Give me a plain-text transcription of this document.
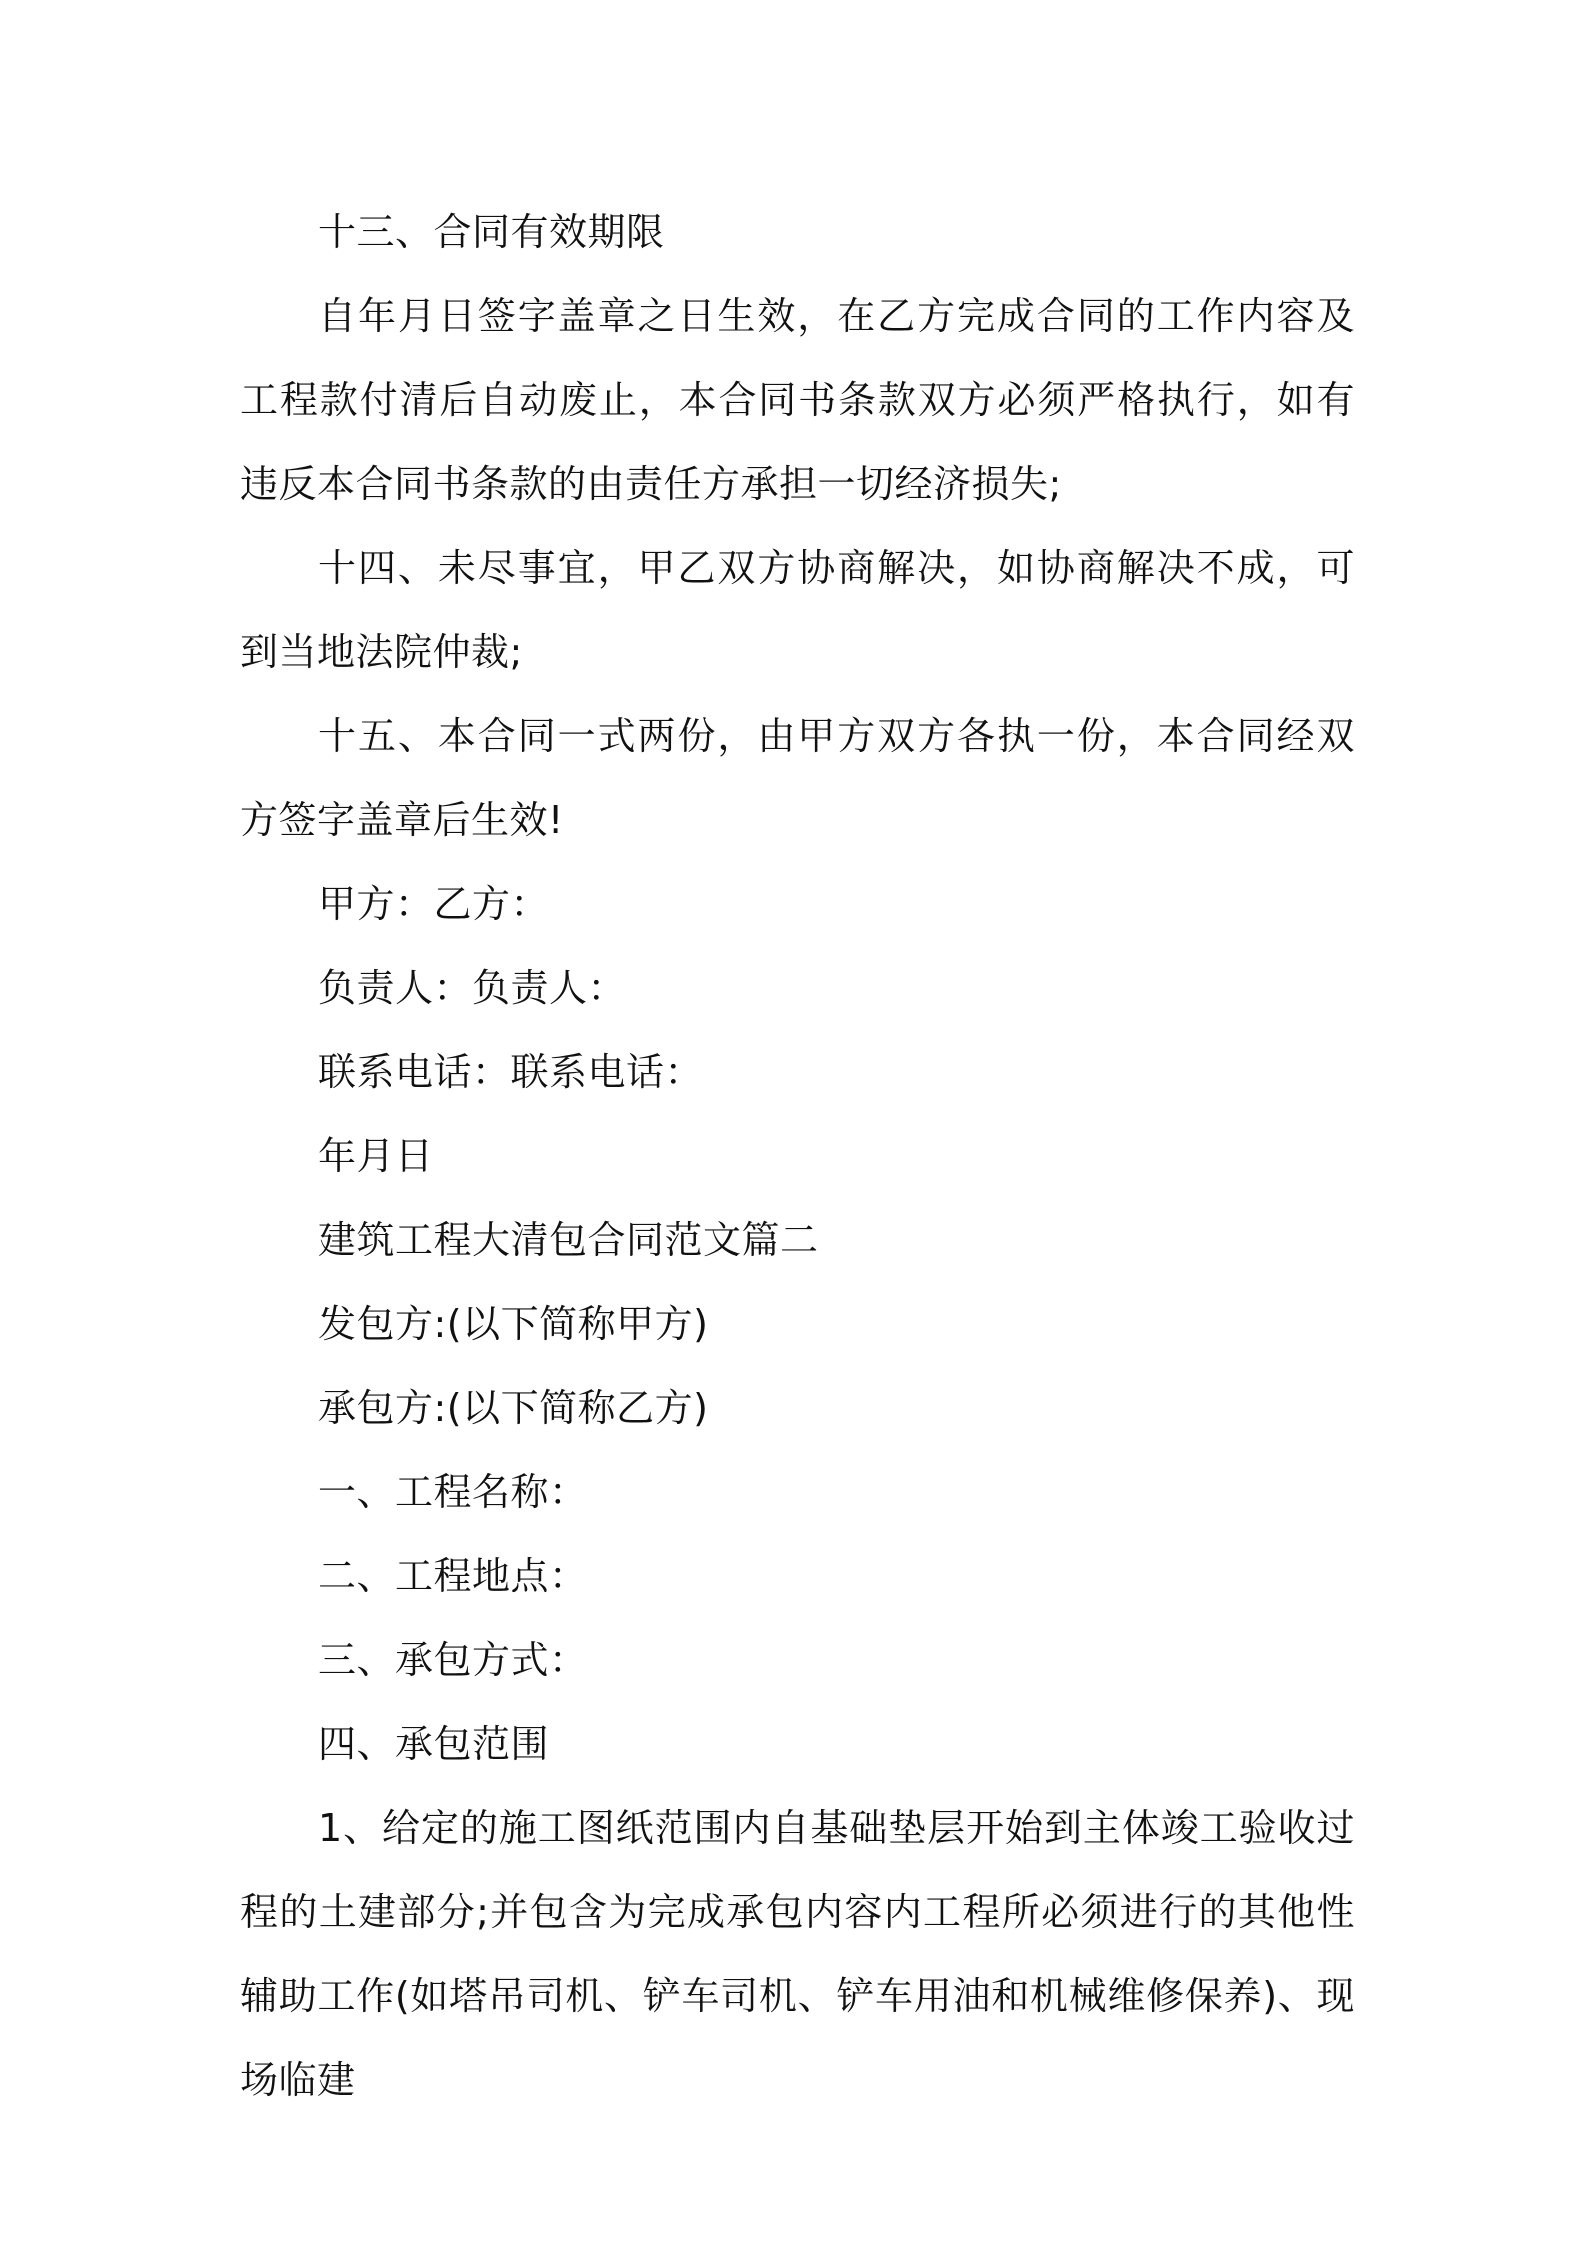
十三、合同有效期限

自年月日签字盖章之日生效，在乙方完成合同的工作内容及工程款付清后自动废止，本合同书条款双方必须严格执行，如有违反本合同书条款的由责任方承担一切经济损失;

十四、未尽事宜，甲乙双方协商解决，如协商解决不成，可到当地法院仲裁;

十五、本合同一式两份，由甲方双方各执一份，本合同经双方签字盖章后生效!

甲方：乙方：

负责人：负责人：

联系电话：联系电话：

年月日

建筑工程大清包合同范文篇二

发包方:(以下简称甲方)

承包方:(以下简称乙方)

一、工程名称：

二、工程地点：

三、承包方式：

四、承包范围

1、给定的施工图纸范围内自基础垫层开始到主体竣工验收过程的土建部分;并包含为完成承包内容内工程所必须进行的其他性辅助工作(如塔吊司机、铲车司机、铲车用油和机械维修保养)、现场临建
